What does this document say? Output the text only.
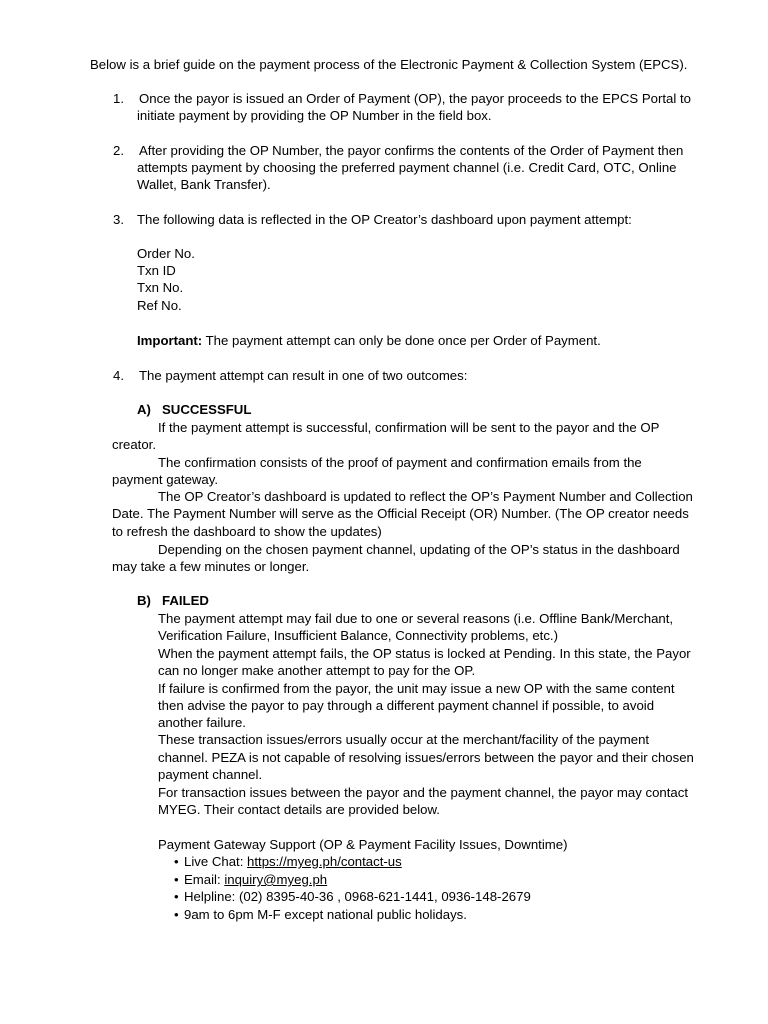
Below is a brief guide on the payment process of the Electronic Payment & Collection System (EPCS).
1. Once the payor is issued an Order of Payment (OP), the payor proceeds to the EPCS Portal to
initiate payment by providing the OP Number in the field box.
2. After providing the OP Number, the payor confirms the contents of the Order of Payment then
attempts payment by choosing the preferred payment channel (i.e. Credit Card, OTC, Online
Wallet, Bank Transfer).
3. The following data is reflected in the OP Creator’s dashboard upon payment attempt:
Order No.
Txn ID
Txn No.
Ref No.
Important: The payment attempt can only be done once per Order of Payment.
4. The payment attempt can result in one of two outcomes:
A) SUCCESSFUL
If the payment attempt is successful, confirmation will be sent to the payor and the OP
creator.
The confirmation consists of the proof of payment and confirmation emails from the
payment gateway.
The OP Creator’s dashboard is updated to reflect the OP’s Payment Number and Collection
Date. The Payment Number will serve as the Official Receipt (OR) Number. (The OP creator needs
to refresh the dashboard to show the updates)
Depending on the chosen payment channel, updating of the OP’s status in the dashboard
may take a few minutes or longer.
B) FAILED
The payment attempt may fail due to one or several reasons (i.e. Offline Bank/Merchant,
Verification Failure, Insufficient Balance, Connectivity problems, etc.)
When the payment attempt fails, the OP status is locked at Pending. In this state, the Payor
can no longer make another attempt to pay for the OP.
If failure is confirmed from the payor, the unit may issue a new OP with the same content
then advise the payor to pay through a different payment channel if possible, to avoid
another failure.
These transaction issues/errors usually occur at the merchant/facility of the payment
channel. PEZA is not capable of resolving issues/errors between the payor and their chosen
payment channel.
For transaction issues between the payor and the payment channel, the payor may contact
MYEG. Their contact details are provided below.
Payment Gateway Support (OP & Payment Facility Issues, Downtime)
• Live Chat: https://myeg.ph/contact-us
• Email: inquiry@myeg.ph
• Helpline: (02) 8395-40-36 , 0968-621-1441, 0936-148-2679
• 9am to 6pm M-F except national public holidays.
